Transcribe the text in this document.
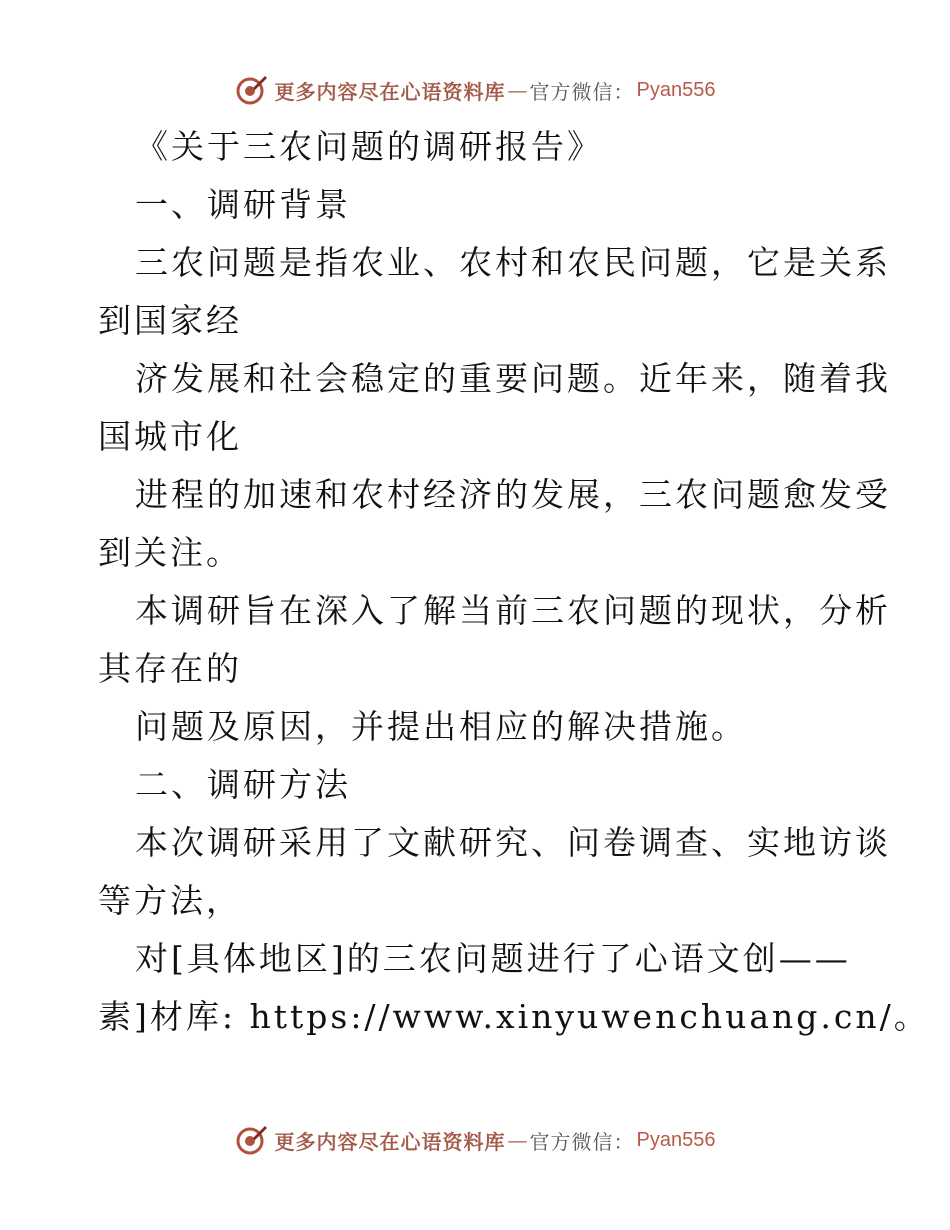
更多内容尽在心语资料库 — 官方微信： Pyan556
《关于三农问题的调研报告》
一、调研背景
三农问题是指农业、农村和农民问题，它是关系
到国家经
济发展和社会稳定的重要问题。近年来，随着我
国城市化
进程的加速和农村经济的发展，三农问题愈发受
到关注。
本调研旨在深入了解当前三农问题的现状，分析
其存在的
问题及原因，并提出相应的解决措施。
二、调研方法
本次调研采用了文献研究、问卷调查、实地访谈
等方法，
对[具体地区]的三农问题进行了心语文创——
素]材库: https://www.xinyuwenchuang.cn/。
更多内容尽在心语资料库 — 官方微信： Pyan556
